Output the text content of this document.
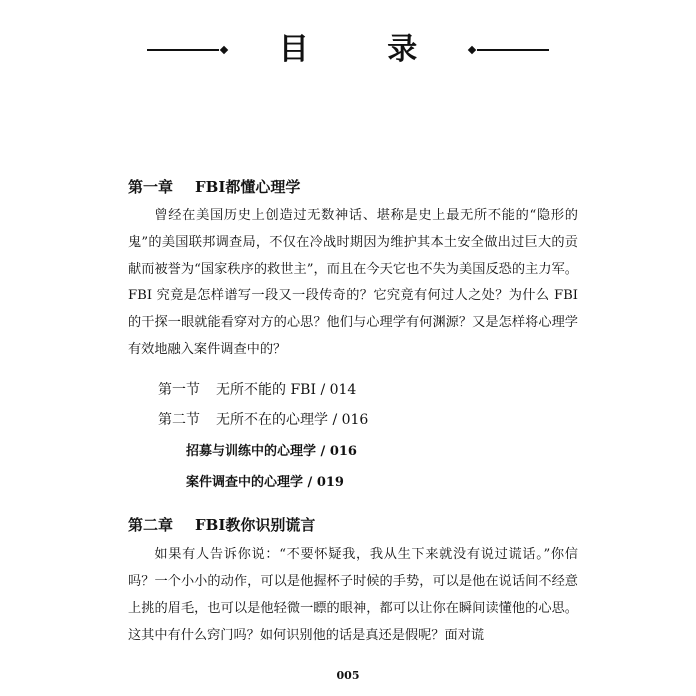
目 录
第一章 FBI都懂心理学

曾经在美国历史上创造过无数神话、堪称是史上最无所不能的“隐形的鬼”的美国联邦调查局，不仅在冷战时期因为维护其本土安全做出过巨大的贡献而被誉为“国家秩序的救世主”，而且在今天它也不失为美国反恐的主力军。FBI 究竟是怎样谱写一段又一段传奇的？它究竟有何过人之处？为什么 FBI 的干探一眼就能看穿对方的心思？他们与心理学有何渊源？又是怎样将心理学有效地融入案件调查中的？

第一节 无所不能的 FBI / 014
第二节 无所不在的心理学 / 016
招募与训练中的心理学 / 016
案件调查中的心理学 / 019
第二章 FBI教你识别谎言

如果有人告诉你说：“不要怀疑我，我从生下来就没有说过谎话。”你信吗？一个小小的动作，可以是他握杯子时候的手势，可以是他在说话间不经意上挑的眉毛，也可以是他轻微一瞟的眼神，都可以让你在瞬间读懂他的心思。这其中有什么窍门吗？如何识别他的话是真还是假呢？面对谎

005
